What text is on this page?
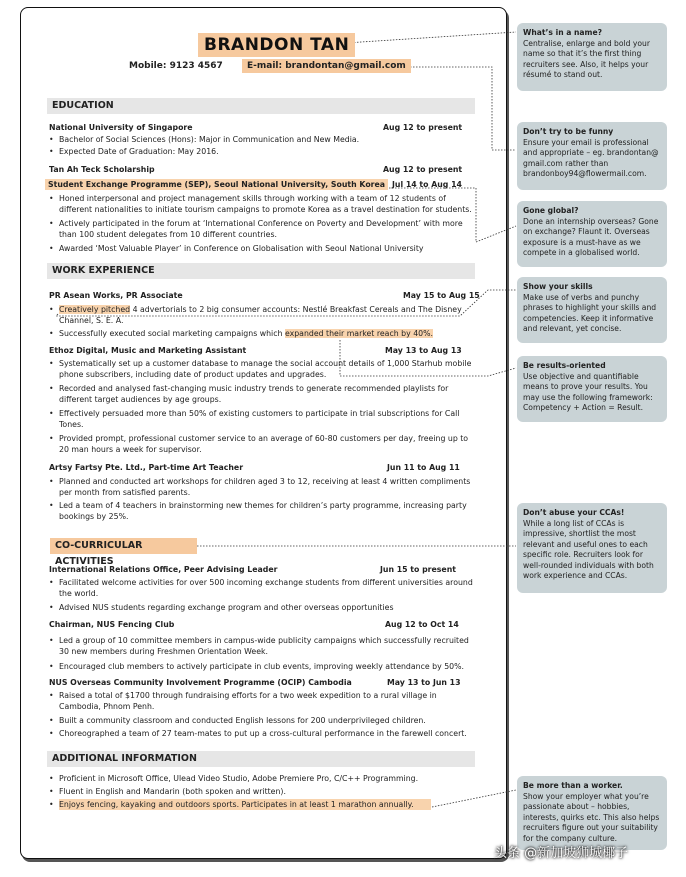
BRANDON TAN
Mobile: 9123 4567	E-mail: brandontan@gmail.com
EDUCATION
National University of Singapore	Aug 12 to present
• Bachelor of Social Sciences (Hons): Major in Communication and New Media.
• Expected Date of Graduation: May 2016.
Tan Ah Teck Scholarship	Aug 12 to present
Student Exchange Programme (SEP), Seoul National University, South Korea Jul 14 to Aug 14
• Honed interpersonal and project management skills through working with a team of 12 students of different nationalities to initiate tourism campaigns to promote Korea as a travel destination for students.
• Actively participated in the forum at ‘International Conference on Poverty and Development’ with more than 100 student delegates from 10 different countries.
• Awarded ‘Most Valuable Player’ in Conference on Globalisation with Seoul National University
WORK EXPERIENCE
PR Asean Works, PR Associate	May 15 to Aug 15
• Creatively pitched 4 advertorials to 2 big consumer accounts: Nestlé Breakfast Cereals and The Disney Channel, S. E. A.
• Successfully executed social marketing campaigns which expanded their market reach by 40%.
Ethoz Digital, Music and Marketing Assistant	May 13 to Aug 13
• Systematically set up a customer database to manage the social account details of 1,000 Starhub mobile phone subscribers, including date of product updates and upgrades.
• Recorded and analysed fast-changing music industry trends to generate recommended playlists for different target audiences by age groups.
• Effectively persuaded more than 50% of existing customers to participate in trial subscriptions for Call Tones.
• Provided prompt, professional customer service to an average of 60-80 customers per day, freeing up to 20 man hours a week for supervisor.
Artsy Fartsy Pte. Ltd., Part-time Art Teacher	Jun 11 to Aug 11
• Planned and conducted art workshops for children aged 3 to 12, receiving at least 4 written compliments per month from satisfied parents.
• Led a team of 4 teachers in brainstorming new themes for children’s party programme, increasing party bookings by 25%.
CO-CURRICULAR ACTIVITIES
International Relations Office, Peer Advising Leader	Jun 15 to present
• Facilitated welcome activities for over 500 incoming exchange students from different universities around the world.
• Advised NUS students regarding exchange program and other overseas opportunities
Chairman, NUS Fencing Club	Aug 12 to Oct 14
• Led a group of 10 committee members in campus-wide publicity campaigns which successfully recruited 30 new members during Freshmen Orientation Week.
• Encouraged club members to actively participate in club events, improving weekly attendance by 50%.
NUS Overseas Community Involvement Programme (OCIP) Cambodia	May 13 to Jun 13
• Raised a total of $1700 through fundraising efforts for a two week expedition to a rural village in Cambodia, Phnom Penh.
• Built a community classroom and conducted English lessons for 200 underprivileged children.
• Choreographed a team of 27 team-mates to put up a cross-cultural performance in the farewell concert.
ADDITIONAL INFORMATION
• Proficient in Microsoft Office, Ulead Video Studio, Adobe Premiere Pro, C/C++ Programming.
• Fluent in English and Mandarin (both spoken and written).
• Enjoys fencing, kayaking and outdoors sports. Participates in at least 1 marathon annually.
What’s in a name?
Centralise, enlarge and bold your name so that it’s the first thing recruiters see. Also, it helps your résumé to stand out.
Don’t try to be funny
Ensure your email is professional and appropriate – eg. brandontan@ gmail.com rather than brandonboy94@flowermail.com.
Gone global?
Done an internship overseas? Gone on exchange? Flaunt it. Overseas exposure is a must-have as we compete in a globalised world.
Show your skills
Make use of verbs and punchy phrases to highlight your skills and competencies. Keep it informative and relevant, yet concise.
Be results-oriented
Use objective and quantifiable means to prove your results. You may use the following framework: Competency + Action = Result.
Don’t abuse your CCAs!
While a long list of CCAs is impressive, shortlist the most relevant and useful ones to each specific role. Recruiters look for well-rounded individuals with both work experience and CCAs.
Be more than a worker.
Show your employer what you’re passionate about – hobbies, interests, quirks etc. This also helps recruiters figure out your suitability for the company culture.
头条 @新加坡狮城椰子
